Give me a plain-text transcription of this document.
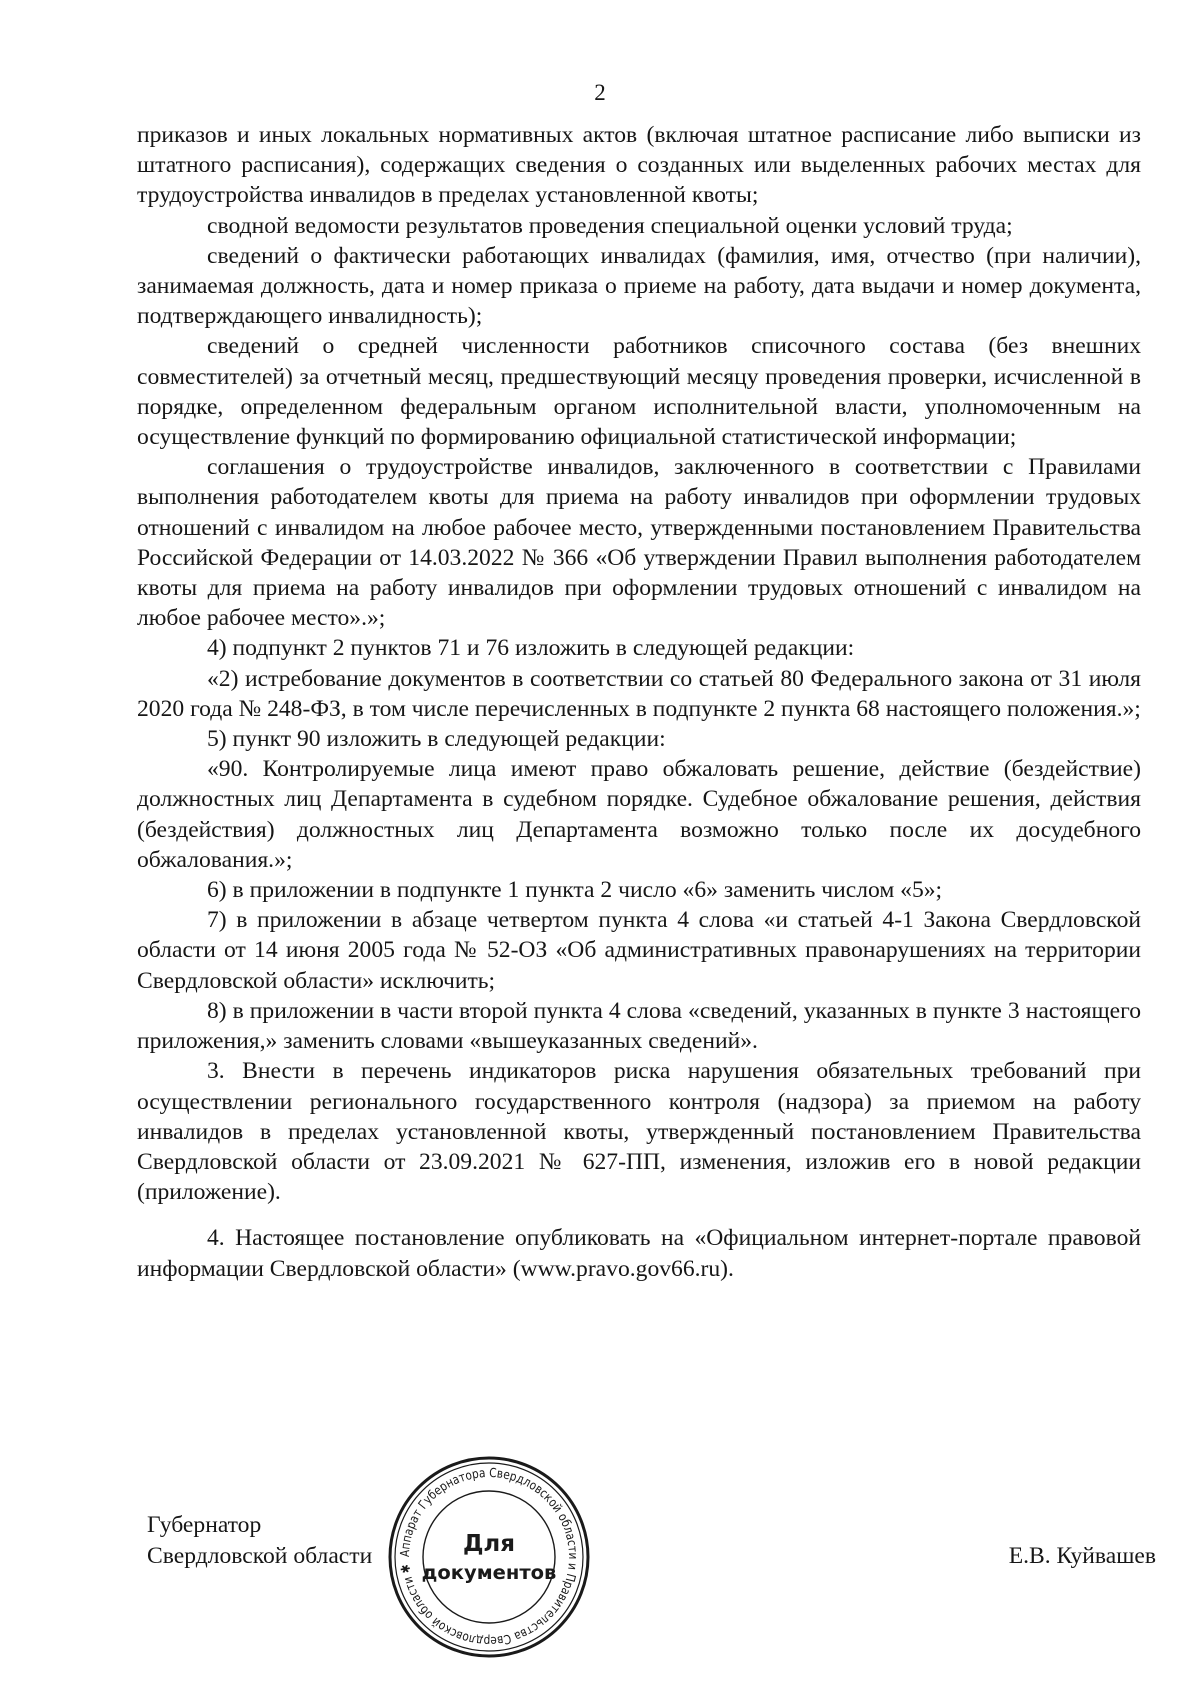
2

приказов и иных локальных нормативных актов (включая штатное расписание либо выписки из штатного расписания), содержащих сведения о созданных или выделенных рабочих местах для трудоустройства инвалидов в пределах установленной квоты;

сводной ведомости результатов проведения специальной оценки условий труда;

сведений о фактически работающих инвалидах (фамилия, имя, отчество (при наличии), занимаемая должность, дата и номер приказа о приеме на работу, дата выдачи и номер документа, подтверждающего инвалидность);

сведений о средней численности работников списочного состава (без внешних совместителей) за отчетный месяц, предшествующий месяцу проведения проверки, исчисленной в порядке, определенном федеральным органом исполнительной власти, уполномоченным на осуществление функций по формированию официальной статистической информации;

соглашения о трудоустройстве инвалидов, заключенного в соответствии с Правилами выполнения работодателем квоты для приема на работу инвалидов при оформлении трудовых отношений с инвалидом на любое рабочее место, утвержденными постановлением Правительства Российской Федерации от 14.03.2022 № 366 «Об утверждении Правил выполнения работодателем квоты для приема на работу инвалидов при оформлении трудовых отношений с инвалидом на любое рабочее место».»;

4) подпункт 2 пунктов 71 и 76 изложить в следующей редакции:

«2) истребование документов в соответствии со статьей 80 Федерального закона от 31 июля 2020 года № 248-ФЗ, в том числе перечисленных в подпункте 2 пункта 68 настоящего положения.»;

5) пункт 90 изложить в следующей редакции:

«90. Контролируемые лица имеют право обжаловать решение, действие (бездействие) должностных лиц Департамента в судебном порядке. Судебное обжалование решения, действия (бездействия) должностных лиц Департамента возможно только после их досудебного обжалования.»;

6) в приложении в подпункте 1 пункта 2 число «6» заменить числом «5»;

7) в приложении в абзаце четвертом пункта 4 слова «и статьей 4-1 Закона Свердловской области от 14 июня 2005 года № 52-ОЗ «Об административных правонарушениях на территории Свердловской области» исключить;

8) в приложении в части второй пункта 4 слова «сведений, указанных в пункте 3 настоящего приложения,» заменить словами «вышеуказанных сведений».

3. Внести в перечень индикаторов риска нарушения обязательных требований при осуществлении регионального государственного контроля (надзора) за приемом на работу инвалидов в пределах установленной квоты, утвержденный постановлением Правительства Свердловской области от 23.09.2021 № 627-ПП, изменения, изложив его в новой редакции (приложение).

4. Настоящее постановление опубликовать на «Официальном интернет-портале правовой информации Свердловской области» (www.pravo.gov66.ru).

Губернатор
Свердловской области	Е.В. Куйвашев
Аппарат Губернатора Свердловской области и Правительства Свердловской области ✱
Для
документов
